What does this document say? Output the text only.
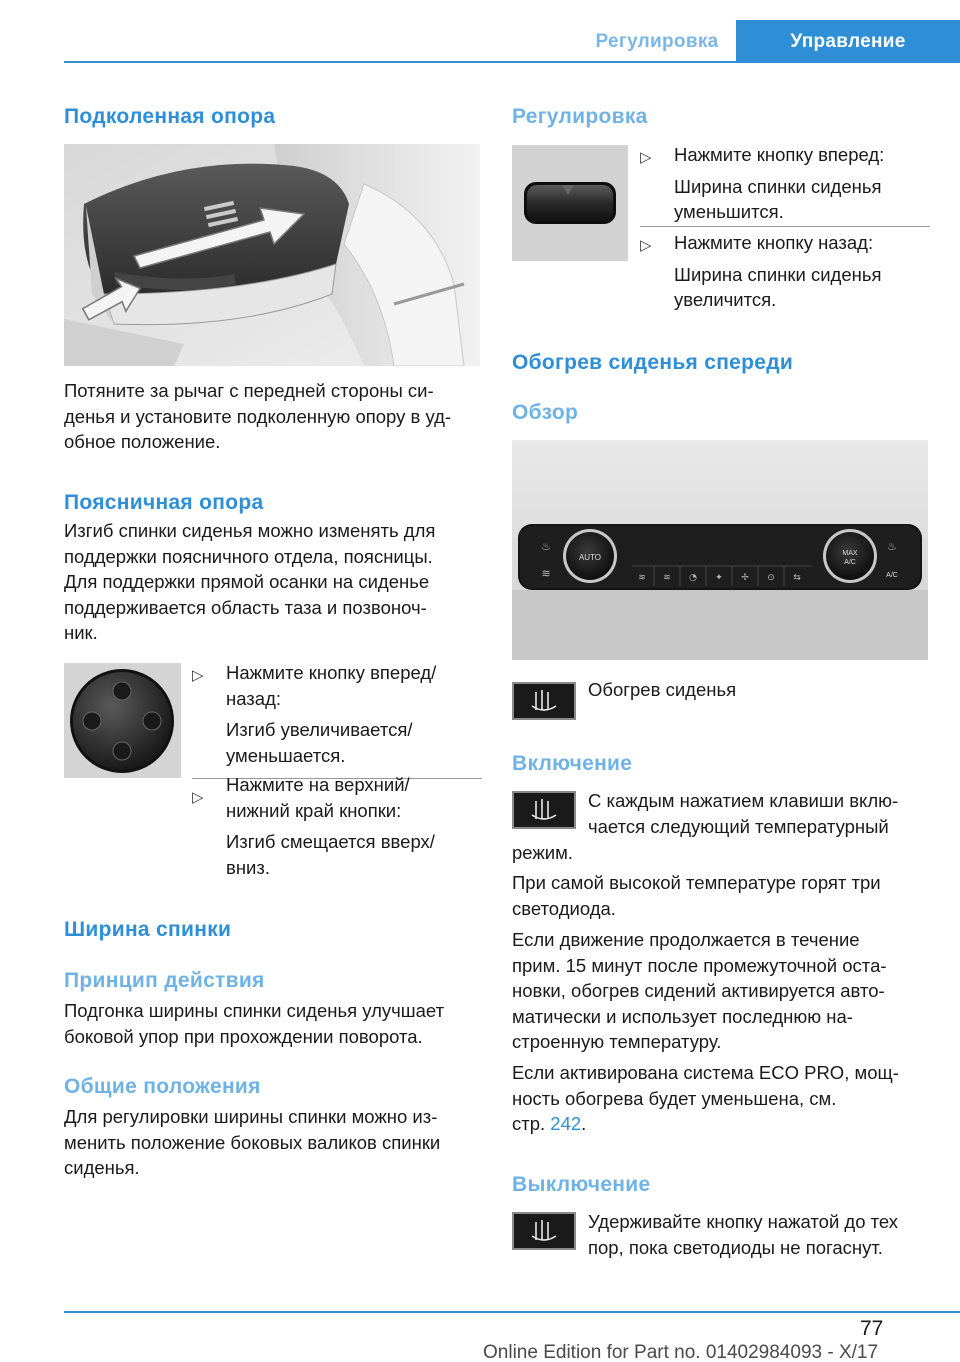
Регулировка	Управление
Подколенная опора
Потяните за рычаг с передней стороны си-
денья и установите подколенную опору в уд-
обное положение.
Поясничная опора
Изгиб спинки сиденья можно изменять для
поддержки поясничного отдела, поясницы.
Для поддержки прямой осанки на сиденье
поддерживается область таза и позвоноч-
ник.
▷ Нажмите кнопку вперед/
назад:
Изгиб увеличивается/
уменьшается.
▷
Нажмите на верхний/
нижний край кнопки:
Изгиб смещается вверх/
вниз.
Ширина спинки
Принцип действия
Подгонка ширины спинки сиденья улучшает
боковой упор при прохождении поворота.
Общие положения
Для регулировки ширины спинки можно из-
менить положение боковых валиков спинки
сиденья.
Регулировка
▷ Нажмите кнопку вперед:
Ширина спинки сиденья
уменьшится.
▷ Нажмите кнопку назад:
Ширина спинки сиденья
увеличится.
Обогрев сиденья спереди
Обзор
AUTO	MAX
A/C
A/C
≋ ≋ ◔ ✦ ✢ ⊙ ⇆
♨
≋
♨
Обогрев сиденья
Включение
С каждым нажатием клавиши вклю-
чается следующий температурный
режим.
При самой высокой температуре горят три
светодиода.
Если движение продолжается в течение
прим. 15 минут после промежуточной оста-
новки, обогрев сидений активируется авто-
матически и использует последнюю на-
строенную температуру.
Если активирована система ECO PRO, мощ-
ность обогрева будет уменьшена, см.
стр. 242.
Выключение
Удерживайте кнопку нажатой до тех
пор, пока светодиоды не погаснут.
77
Online Edition for Part no. 01402984093 - X/17
